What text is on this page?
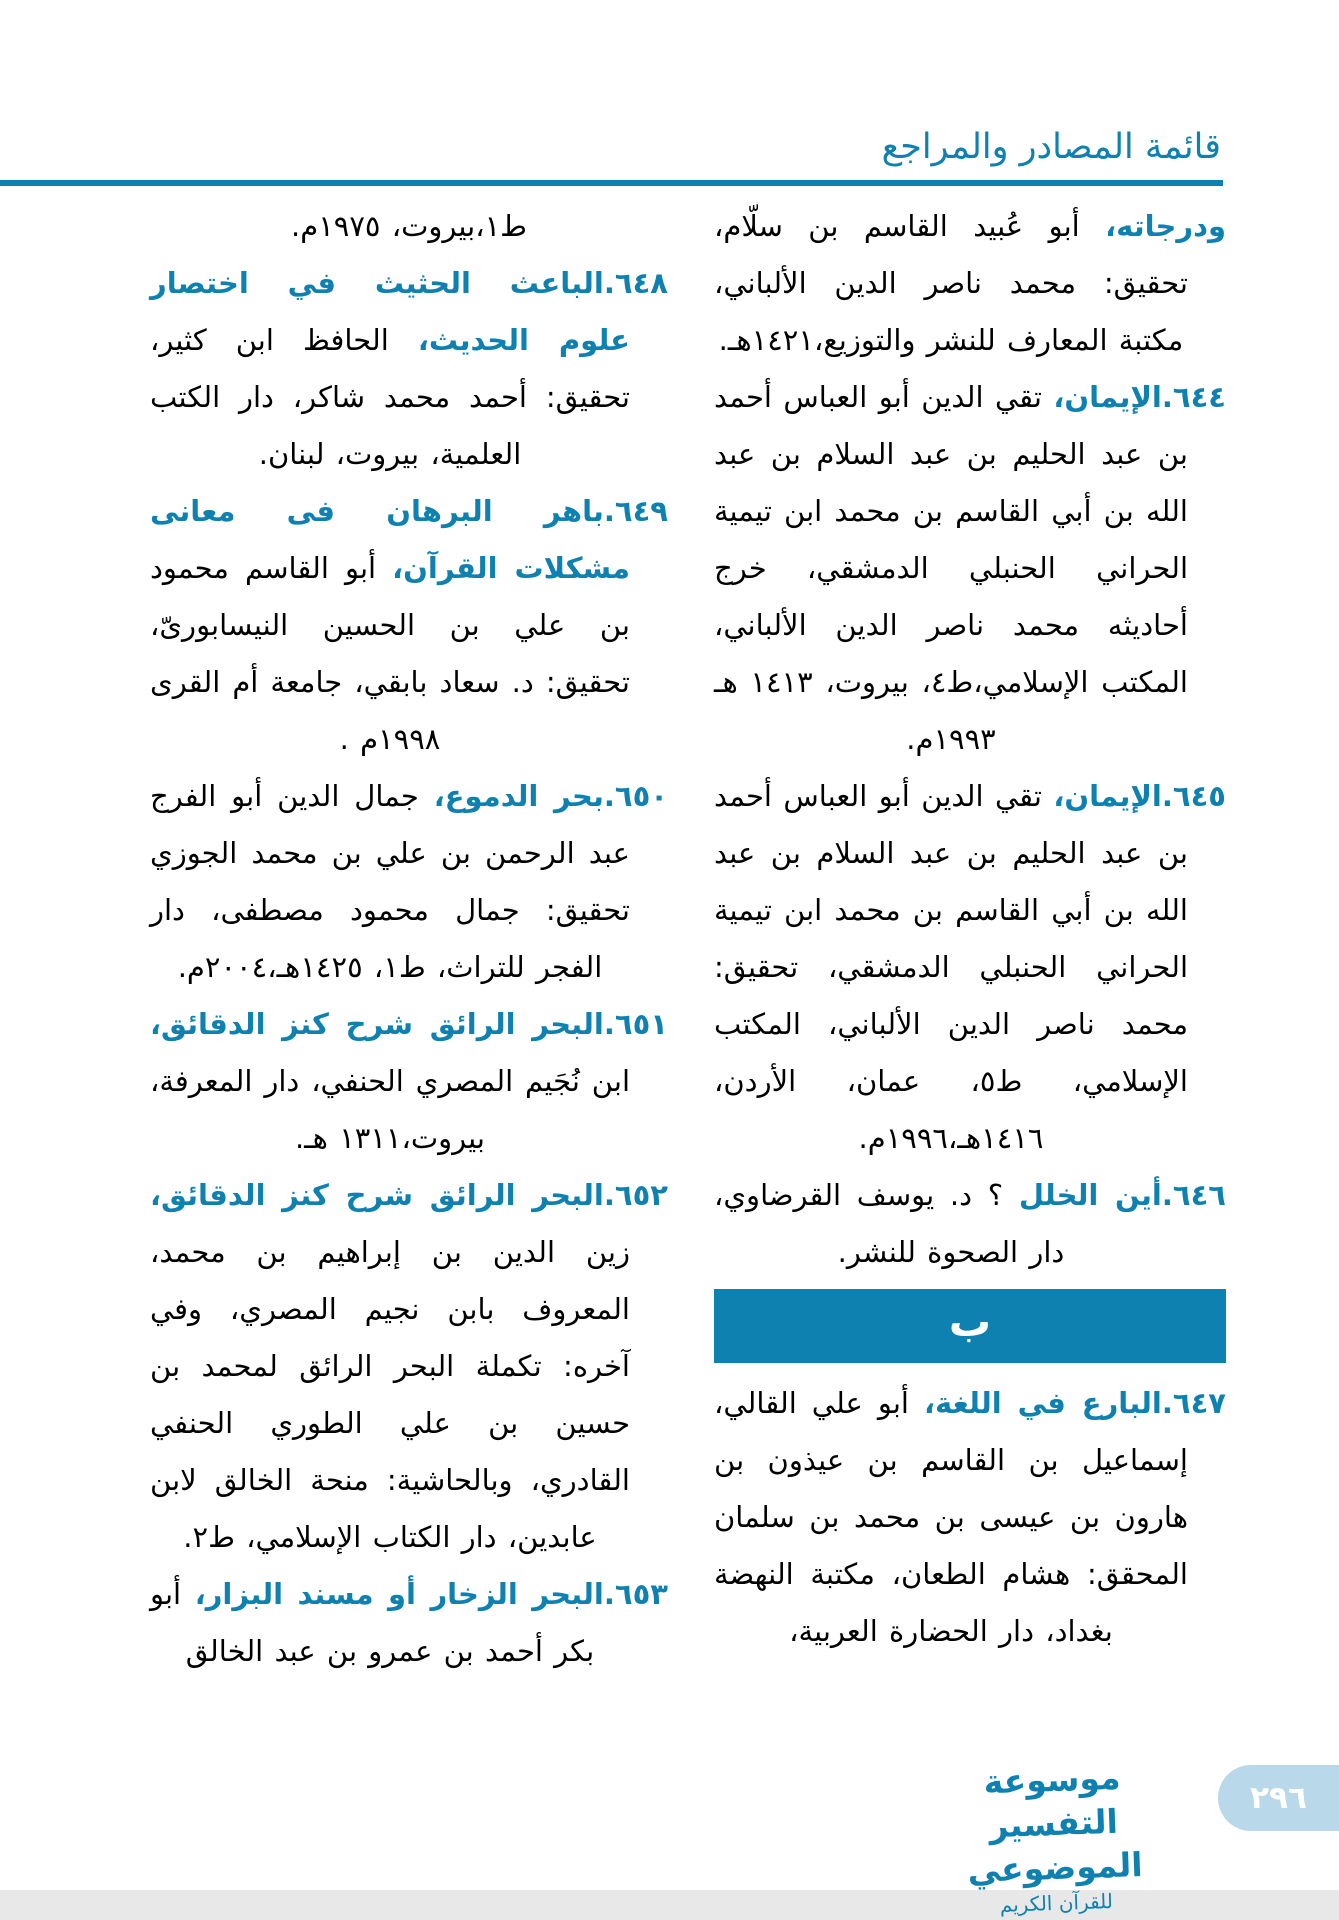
قائمة المصادر والمراجع

ودرجاته، أبو عُبيد القاسم بن سلّام، تحقيق: محمد ناصر الدين الألباني، مكتبة المعارف للنشر والتوزيع،١٤٢١هـ.

٦٤٤.الإيمان، تقي الدين أبو العباس أحمد بن عبد الحليم بن عبد السلام بن عبد الله بن أبي القاسم بن محمد ابن تيمية الحراني الحنبلي الدمشقي، خرج أحاديثه محمد ناصر الدين الألباني، المكتب الإسلامي،ط٤، بيروت، ١٤١٣ هـ ١٩٩٣م.

٦٤٥.الإيمان، تقي الدين أبو العباس أحمد بن عبد الحليم بن عبد السلام بن عبد الله بن أبي القاسم بن محمد ابن تيمية الحراني الحنبلي الدمشقي، تحقيق: محمد ناصر الدين الألباني، المكتب الإسلامي، ط٥، عمان، الأردن، ١٤١٦هـ،١٩٩٦م.

٦٤٦.أين الخلل ؟ د. يوسف القرضاوي، دار الصحوة للنشر.

ب

٦٤٧.البارع في اللغة، أبو علي القالي، إسماعيل بن القاسم بن عيذون بن هارون بن عيسى بن محمد بن سلمان المحقق: هشام الطعان، مكتبة النهضة بغداد، دار الحضارة العربية،

ط١،بيروت، ١٩٧٥م.

٦٤٨.الباعث الحثيث في اختصار علوم الحديث، الحافظ ابن كثير، تحقيق: أحمد محمد شاكر، دار الكتب العلمية، بيروت، لبنان.

٦٤٩.باهر البرهان فى معانى مشكلات القرآن، أبو القاسم محمود بن علي بن الحسين النيسابورىّ، تحقيق: د. سعاد بابقي، جامعة أم القرى ١٩٩٨م .

٦٥٠.بحر الدموع، جمال الدين أبو الفرج عبد الرحمن بن علي بن محمد الجوزي تحقيق: جمال محمود مصطفى، دار الفجر للتراث، ط١، ١٤٢٥هـ،٢٠٠٤م.

٦٥١.البحر الرائق شرح كنز الدقائق، ابن نُجَيم المصري الحنفي، دار المعرفة، بيروت،١٣١١ هـ.

٦٥٢.البحر الرائق شرح كنز الدقائق، زين الدين بن إبراهيم بن محمد، المعروف بابن نجيم المصري، وفي آخره: تكملة البحر الرائق لمحمد بن حسين بن علي الطوري الحنفي القادري، وبالحاشية: منحة الخالق لابن عابدين، دار الكتاب الإسلامي، ط٢.

٦٥٣.البحر الزخار أو مسند البزار، أبو بكر أحمد بن عمرو بن عبد الخالق

موسوعة التفسير الموضوعي
للقرآن الكريم
٢٩٦
